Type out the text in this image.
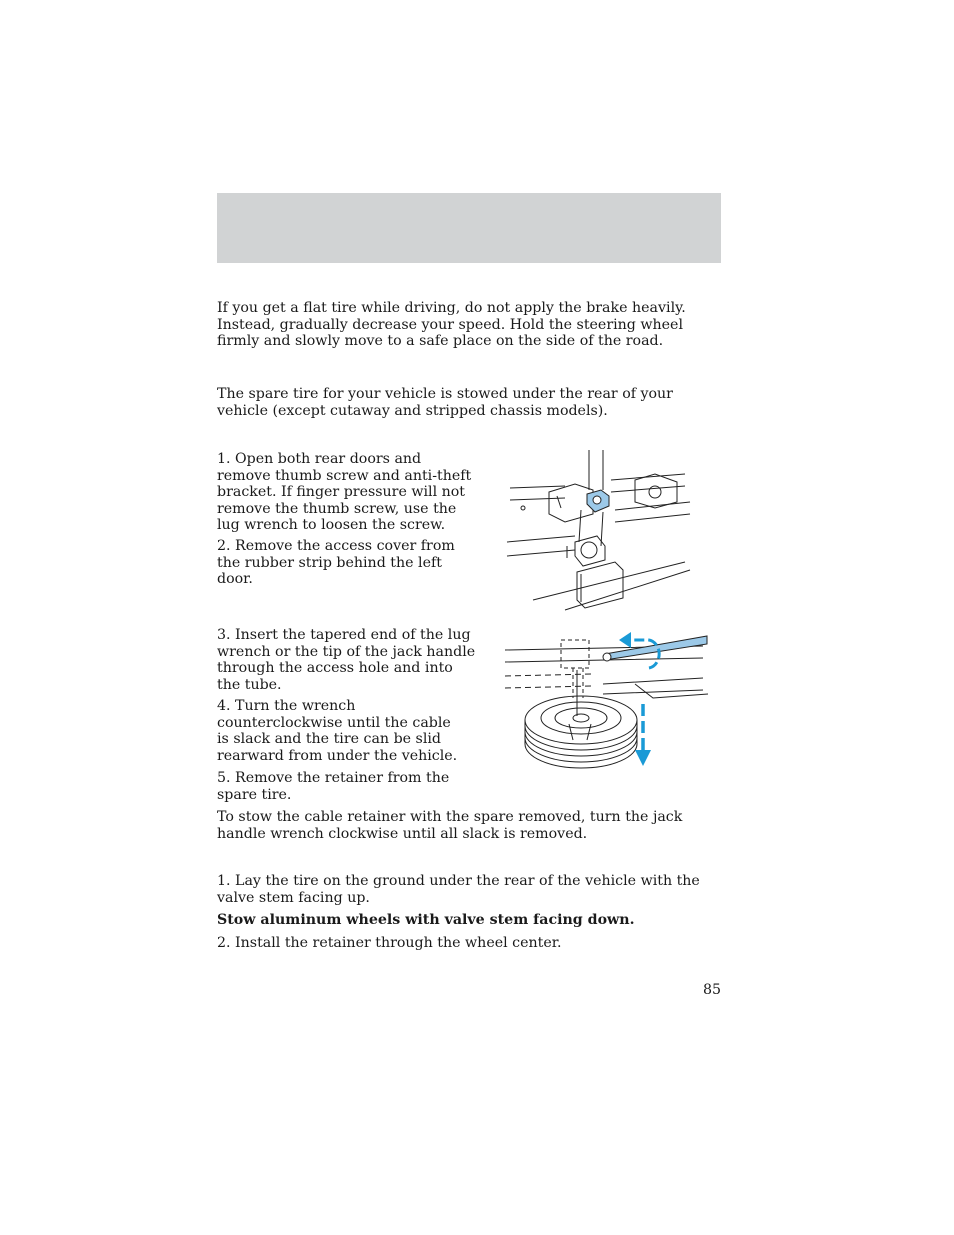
If you get a flat tire while driving, do not apply the brake heavily. Instead, gradually decrease your speed. Hold the steering wheel firmly and slowly move to a safe place on the side of the road.

The spare tire for your vehicle is stowed under the rear of your vehicle (except cutaway and stripped chassis models).

1. Open both rear doors and remove thumb screw and anti-theft bracket. If finger pressure will not remove the thumb screw, use the lug wrench to loosen the screw.

2. Remove the access cover from the rubber strip behind the left door.

3. Insert the tapered end of the lug wrench or the tip of the jack handle through the access hole and into the tube.

4. Turn the wrench counterclockwise until the cable is slack and the tire can be slid rearward from under the vehicle.

5. Remove the retainer from the spare tire.

To stow the cable retainer with the spare removed, turn the jack handle wrench clockwise until all slack is removed.

1. Lay the tire on the ground under the rear of the vehicle with the valve stem facing up.

Stow aluminum wheels with valve stem facing down.

2. Install the retainer through the wheel center.

85
